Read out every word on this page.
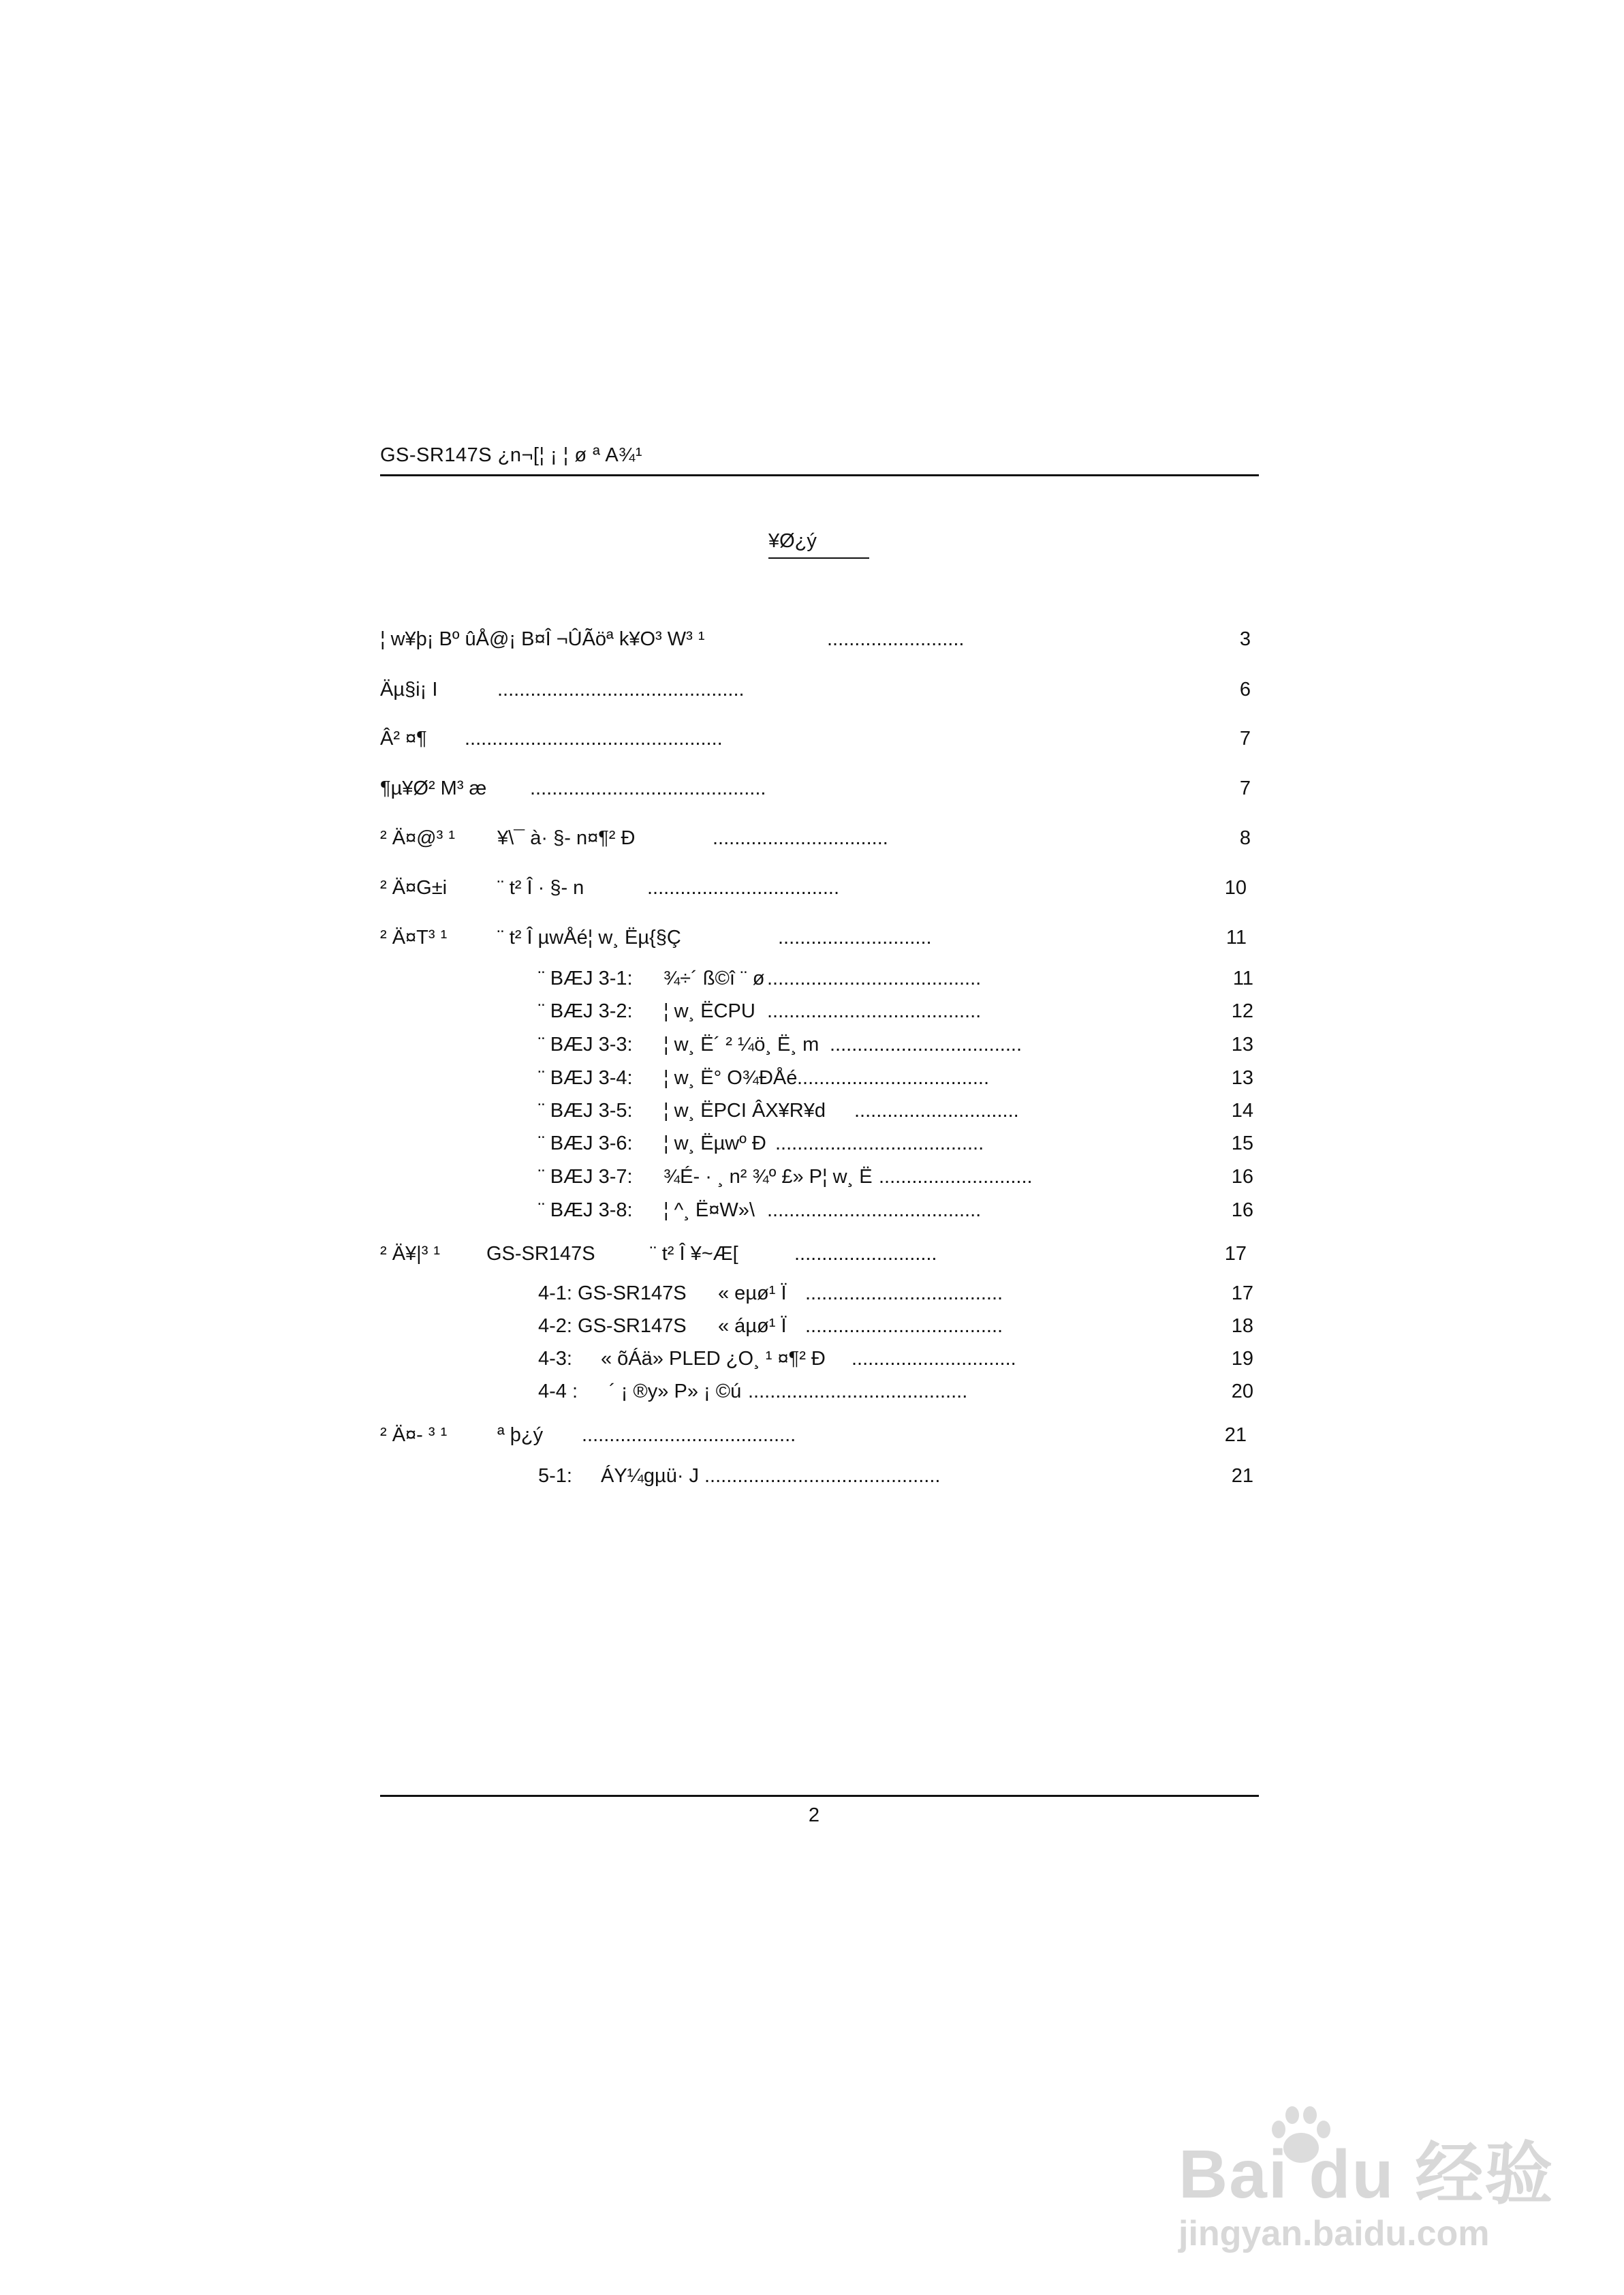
GS-SR147S ¿n¬[¦ ¡ ¦ ø ª A¾¹
¥Ø¿ý
¦ w¥þ¡ Bº ûÅ@¡ B¤Î ¬ÛÃöª k¥O³ W³ ¹	.........................	3
Äµ§i¡ I	.............................................	6
Â² ¤¶ ...............................................	7
¶µ¥Ø² M³ æ ...........................................	7
² Ä¤@³ ¹ ¥\¯ à· §- n¤¶² Ð	................................	8
² Ä¤G±i	¨ t² Î · §- n	...................................	10
² Ä¤T³ ¹	¨ t² Î µwÅé¦ w¸ Ëµ{§Ç	............................	11
¨ BÆJ 3-1: ¾÷´ ß©î ¨ ø .......................................	11
¨ BÆJ 3-2: ¦ w¸ ËCPU .......................................	12
¨ BÆJ 3-3: ¦ w¸ Ë´ ² ¼ö¸ Ë¸ m ...................................	13
¨ BÆJ 3-4: ¦ w¸ Ë° O¾ÐÅé ...................................	13
¨ BÆJ 3-5: ¦ w¸ ËPCI ÂX¥R¥d ..............................	14
¨ BÆJ 3-6: ¦ w¸ Ëµwº Ð ......................................	15
¨ BÆJ 3-7: ¾É- · ¸ n² ¾º £» P¦ w¸ Ë ............................	16
¨ BÆJ 3-8: ¦ ^¸ Ë¤W»\ .......................................	16
² Ä¥|³ ¹ GS-SR147S	¨ t² Î ¥~Æ[	..........................	17
4-1: GS-SR147S « eµø¹ Ï ....................................	17
4-2: GS-SR147S « áµø¹ Ï ....................................	18
4-3: « õÁä» PLED ¿O¸ ¹ ¤¶² Ð ..............................	19
4-4 : ´ ¡ ®y» P» ¡ ©ú ........................................	20
² Ä¤- ³ ¹	ª þ¿ý .......................................	21
5-1: ÁY¼gµü· J ...........................................	21
2
Bai du 经验
jingyan.baidu.com
